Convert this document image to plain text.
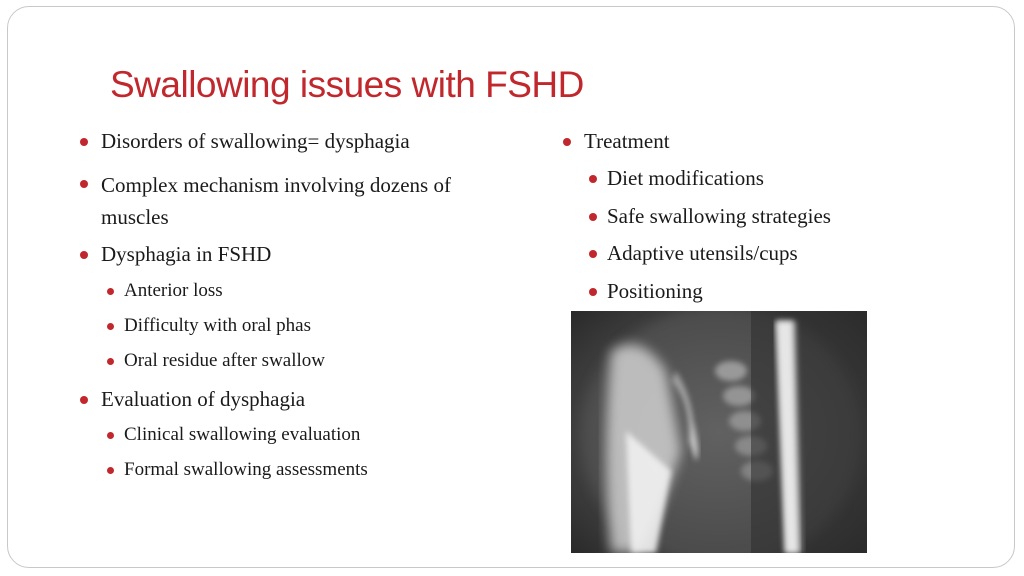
Swallowing issues with FSHD
Disorders of swallowing= dysphagia
Complex mechanism involving dozens of
muscles
Dysphagia in FSHD
Anterior loss
Difficulty with oral phas
Oral residue after swallow
Evaluation of dysphagia
Clinical swallowing evaluation
Formal swallowing assessments
Treatment
Diet modifications
Safe swallowing strategies
Adaptive utensils/cups
Positioning
